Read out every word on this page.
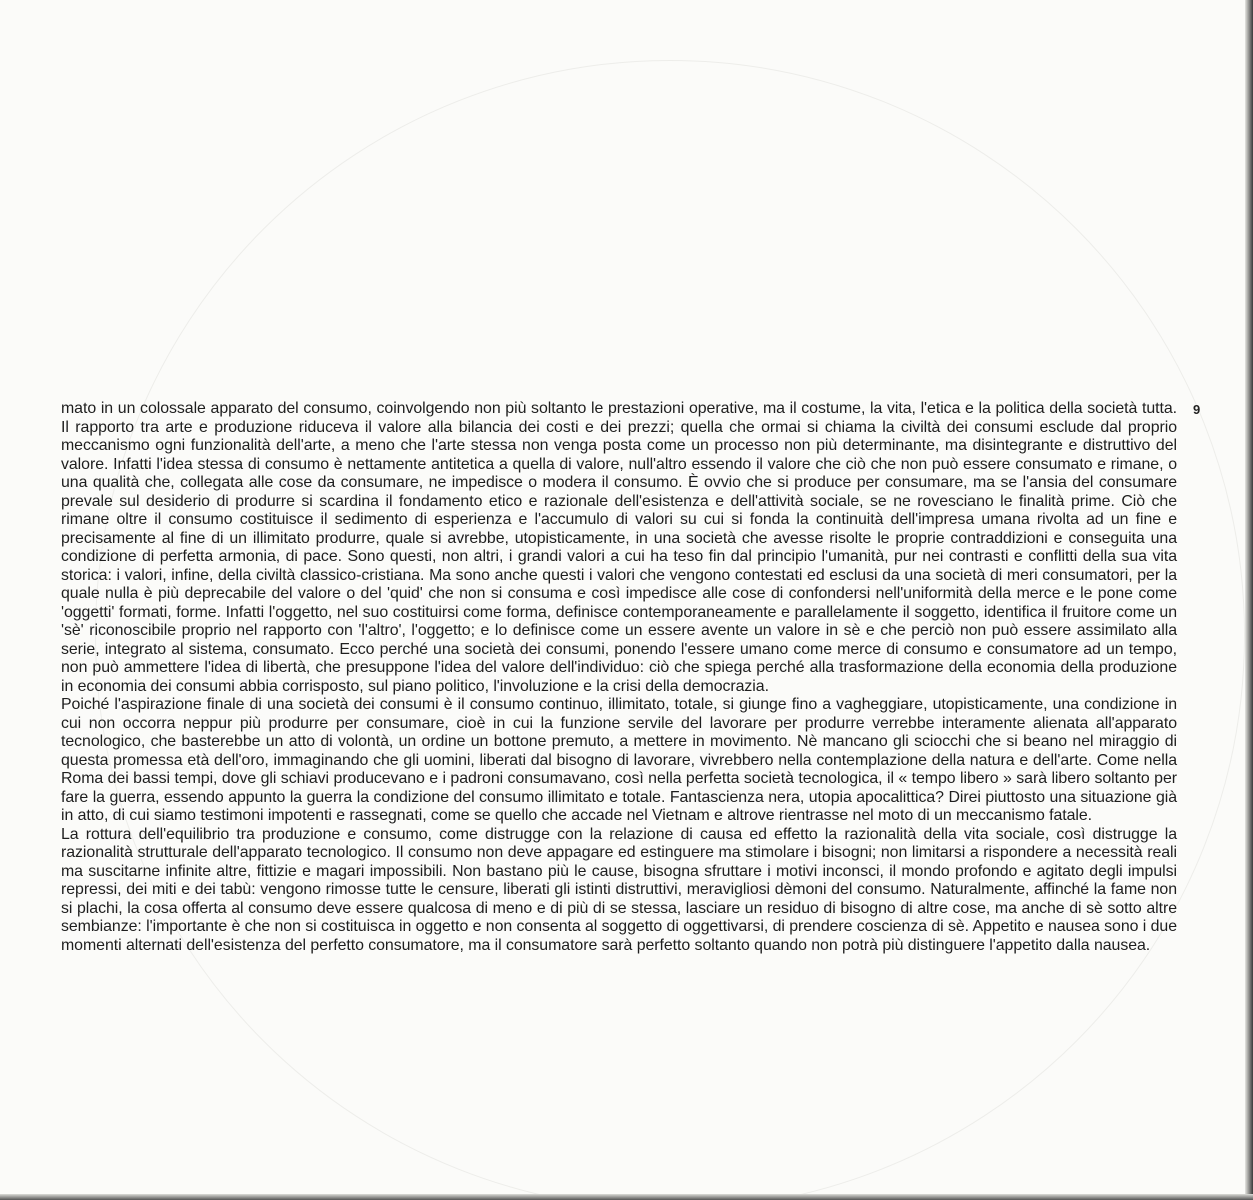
9

mato in un colossale apparato del consumo, coinvolgendo non più soltanto le prestazioni operative, ma il costume, la vita, l'etica e la politica della società tutta. Il rapporto tra arte e produzione riduceva il valore alla bilancia dei costi e dei prezzi; quella che ormai si chiama la civiltà dei consumi esclude dal proprio meccanismo ogni funzionalità dell'arte, a meno che l'arte stessa non venga posta come un processo non più determinante, ma disintegrante e distruttivo del valore. Infatti l'idea stessa di consumo è nettamente antitetica a quella di valore, null'altro essendo il valore che ciò che non può essere consumato e rimane, o una qualità che, collegata alle cose da consumare, ne impedisce o modera il consumo. È ovvio che si produce per consumare, ma se l'ansia del consumare prevale sul desiderio di produrre si scardina il fondamento etico e razionale dell'esistenza e dell'attività sociale, se ne rovesciano le finalità prime. Ciò che rimane oltre il consumo costituisce il sedimento di esperienza e l'accumulo di valori su cui si fonda la continuità dell'impresa umana rivolta ad un fine e precisamente al fine di un illimitato produrre, quale si avrebbe, utopisticamente, in una società che avesse risolte le proprie contraddizioni e conseguita una condizione di perfetta armonia, di pace. Sono questi, non altri, i grandi valori a cui ha teso fin dal principio l'umanità, pur nei contrasti e conflitti della sua vita storica: i valori, infine, della civiltà classico-cristiana. Ma sono anche questi i valori che vengono contestati ed esclusi da una società di meri consumatori, per la quale nulla è più deprecabile del valore o del 'quid' che non si consuma e così impedisce alle cose di confondersi nell'uniformità della merce e le pone come 'oggetti' formati, forme. Infatti l'oggetto, nel suo costituirsi come forma, definisce contemporaneamente e parallelamente il soggetto, identifica il fruitore come un 'sè' riconoscibile proprio nel rapporto con 'l'altro', l'oggetto; e lo definisce come un essere avente un valore in sè e che perciò non può essere assimilato alla serie, integrato al sistema, consumato. Ecco perché una società dei consumi, ponendo l'essere umano come merce di consumo e consumatore ad un tempo, non può ammettere l'idea di libertà, che presuppone l'idea del valore dell'individuo: ciò che spiega perché alla trasformazione della economia della produzione in economia dei consumi abbia corrisposto, sul piano politico, l'involuzione e la crisi della democrazia.

Poiché l'aspirazione finale di una società dei consumi è il consumo continuo, illimitato, totale, si giunge fino a vagheggiare, utopisticamente, una condizione in cui non occorra neppur più produrre per consumare, cioè in cui la funzione servile del lavorare per produrre verrebbe interamente alienata all'apparato tecnologico, che basterebbe un atto di volontà, un ordine un bottone premuto, a mettere in movimento. Nè mancano gli sciocchi che si beano nel miraggio di questa promessa età dell'oro, immaginando che gli uomini, liberati dal bisogno di lavorare, vivrebbero nella contemplazione della natura e dell'arte. Come nella Roma dei bassi tempi, dove gli schiavi producevano e i padroni consumavano, così nella perfetta società tecnologica, il « tempo libero » sarà libero soltanto per fare la guerra, essendo appunto la guerra la condizione del consumo illimitato e totale. Fantascienza nera, utopia apocalittica? Direi piuttosto una situazione già in atto, di cui siamo testimoni impotenti e rassegnati, come se quello che accade nel Vietnam e altrove rientrasse nel moto di un meccanismo fatale.

La rottura dell'equilibrio tra produzione e consumo, come distrugge con la relazione di causa ed effetto la razionalità della vita sociale, così distrugge la razionalità strutturale dell'apparato tecnologico. Il consumo non deve appagare ed estinguere ma stimolare i bisogni; non limitarsi a rispondere a necessità reali ma suscitarne infinite altre, fittizie e magari impossibili. Non bastano più le cause, bisogna sfruttare i motivi inconsci, il mondo profondo e agitato degli impulsi repressi, dei miti e dei tabù: vengono rimosse tutte le censure, liberati gli istinti distruttivi, meravigliosi dèmoni del consumo. Naturalmente, affinché la fame non si plachi, la cosa offerta al consumo deve essere qualcosa di meno e di più di se stessa, lasciare un residuo di bisogno di altre cose, ma anche di sè sotto altre sembianze: l'importante è che non si costituisca in oggetto e non consenta al soggetto di oggettivarsi, di prendere coscienza di sè. Appetito e nausea sono i due momenti alternati dell'esistenza del perfetto consumatore, ma il consumatore sarà perfetto soltanto quando non potrà più distinguere l'appetito dalla nausea.
